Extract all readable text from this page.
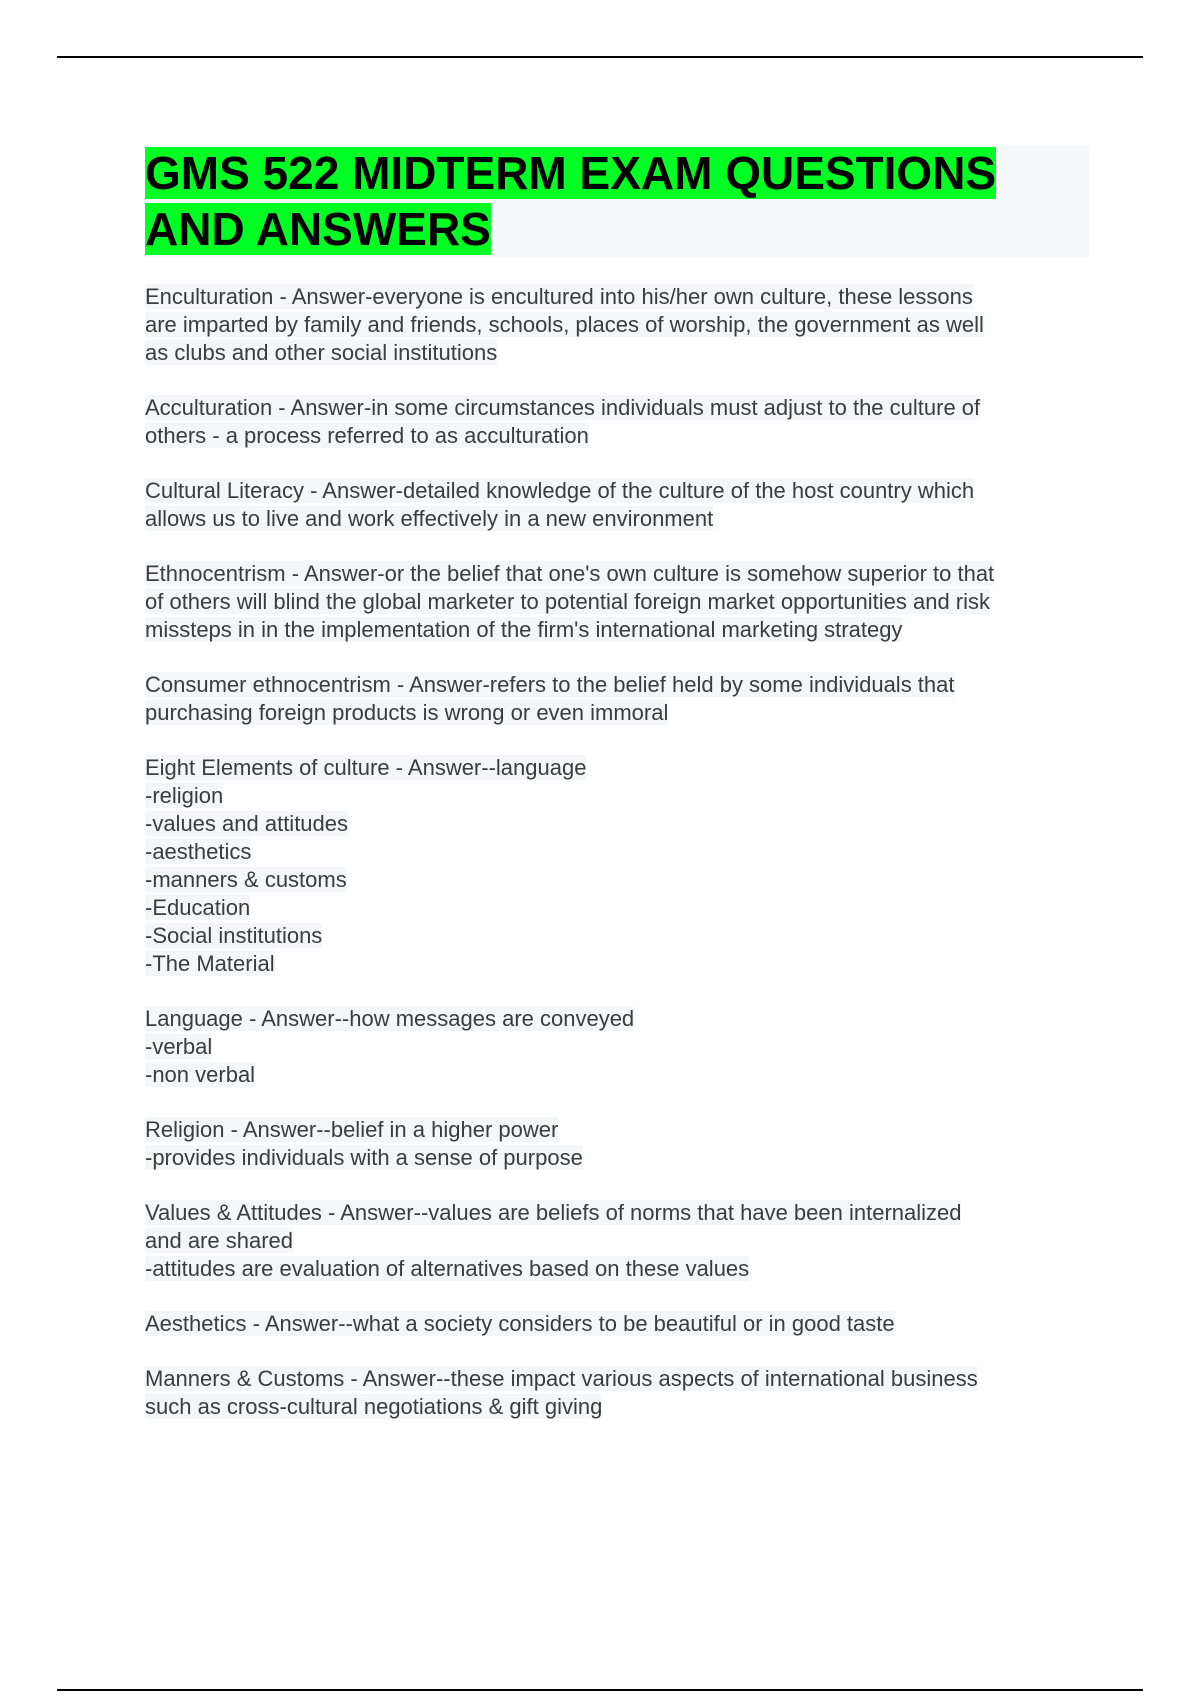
GMS 522 MIDTERM EXAM QUESTIONS
AND ANSWERS

Enculturation - Answer-everyone is encultured into his/her own culture, these lessons
are imparted by family and friends, schools, places of worship, the government as well
as clubs and other social institutions

Acculturation - Answer-in some circumstances individuals must adjust to the culture of
others - a process referred to as acculturation

Cultural Literacy - Answer-detailed knowledge of the culture of the host country which
allows us to live and work effectively in a new environment

Ethnocentrism - Answer-or the belief that one's own culture is somehow superior to that
of others will blind the global marketer to potential foreign market opportunities and risk
missteps in in the implementation of the firm's international marketing strategy

Consumer ethnocentrism - Answer-refers to the belief held by some individuals that
purchasing foreign products is wrong or even immoral

Eight Elements of culture - Answer--language
-religion
-values and attitudes
-aesthetics
-manners & customs
-Education
-Social institutions
-The Material

Language - Answer--how messages are conveyed
-verbal
-non verbal

Religion - Answer--belief in a higher power
-provides individuals with a sense of purpose

Values & Attitudes - Answer--values are beliefs of norms that have been internalized
and are shared
-attitudes are evaluation of alternatives based on these values

Aesthetics - Answer--what a society considers to be beautiful or in good taste

Manners & Customs - Answer--these impact various aspects of international business
such as cross-cultural negotiations & gift giving
